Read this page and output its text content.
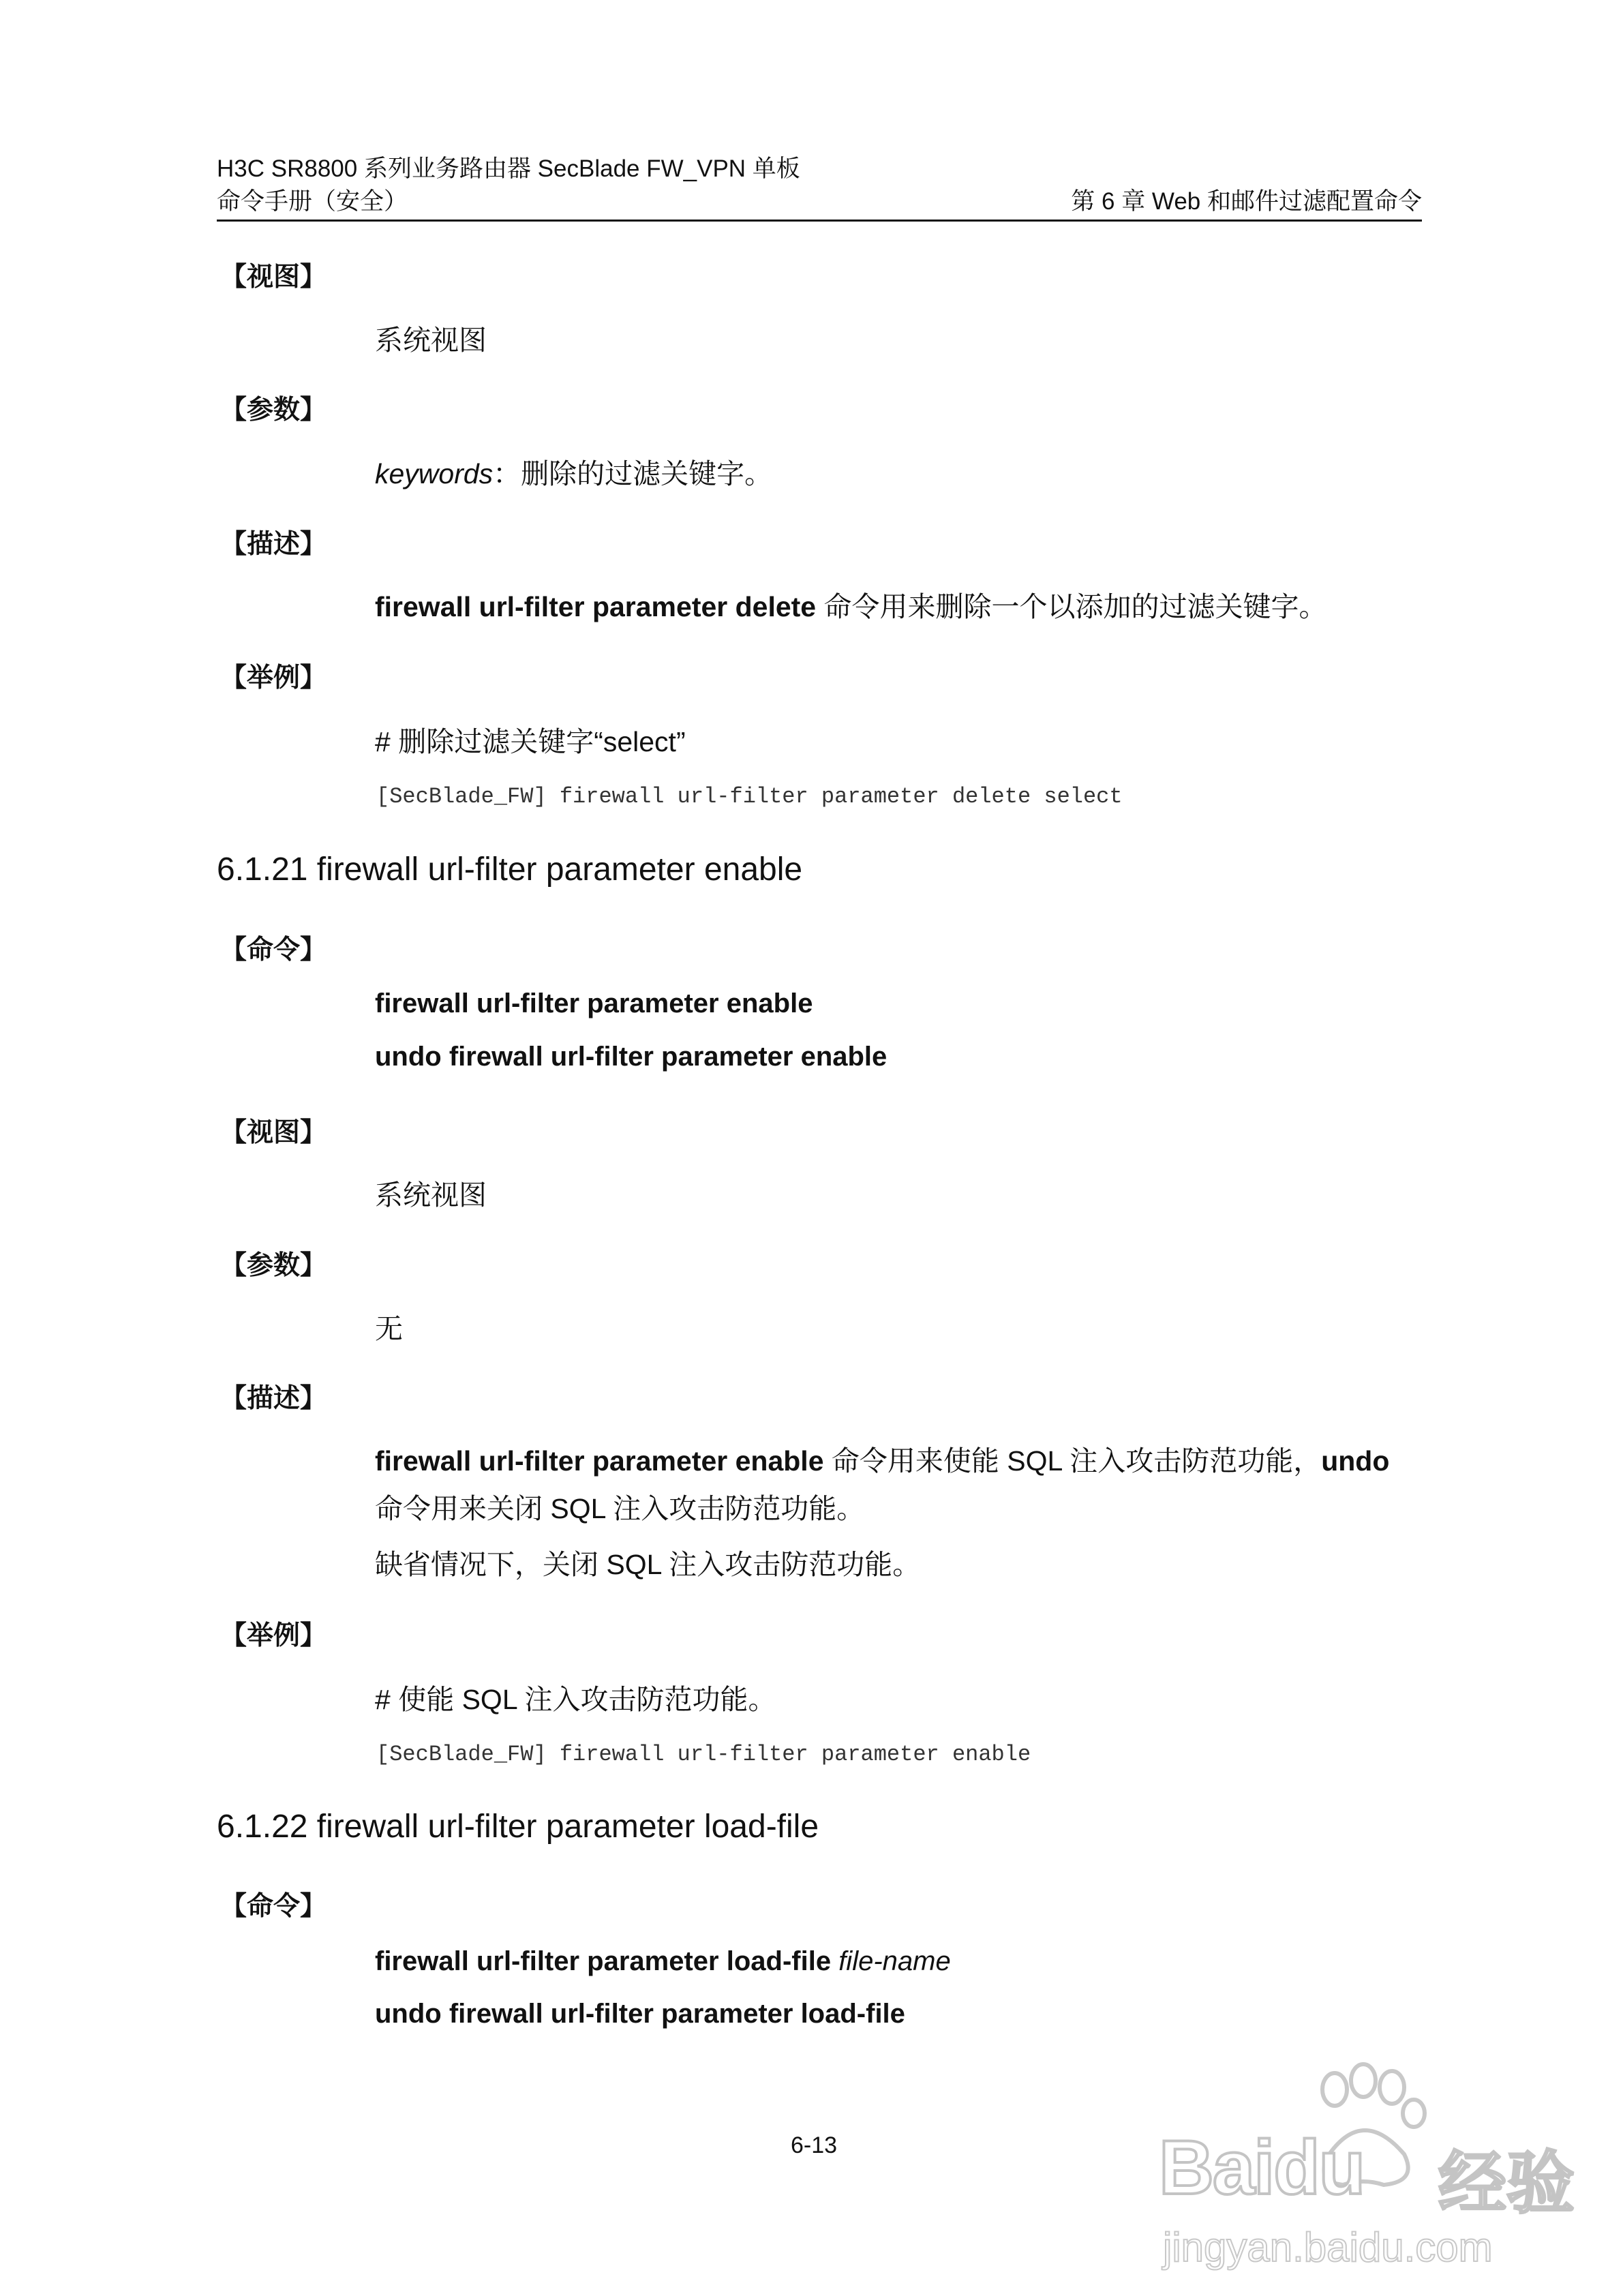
H3C SR8800 系列业务路由器 SecBlade FW_VPN 单板
命令手册（安全）	第 6 章 Web 和邮件过滤配置命令
【视图】
系统视图
【参数】
keywords：删除的过滤关键字。
【描述】
firewall url-filter parameter delete 命令用来删除一个以添加的过滤关键字。
【举例】
# 删除过滤关键字“select”
[SecBlade_FW] firewall url-filter parameter delete select
6.1.21 firewall url-filter parameter enable
【命令】
firewall url-filter parameter enable
undo firewall url-filter parameter enable
【视图】
系统视图
【参数】
无
【描述】
firewall url-filter parameter enable 命令用来使能 SQL 注入攻击防范功能，undo
命令用来关闭 SQL 注入攻击防范功能。
缺省情况下，关闭 SQL 注入攻击防范功能。
【举例】
# 使能 SQL 注入攻击防范功能。
[SecBlade_FW] firewall url-filter parameter enable
6.1.22 firewall url-filter parameter load-file
【命令】
firewall url-filter parameter load-file file-name
undo firewall url-filter parameter load-file
6-13	Baidu 经验
jingyan.baidu.com
